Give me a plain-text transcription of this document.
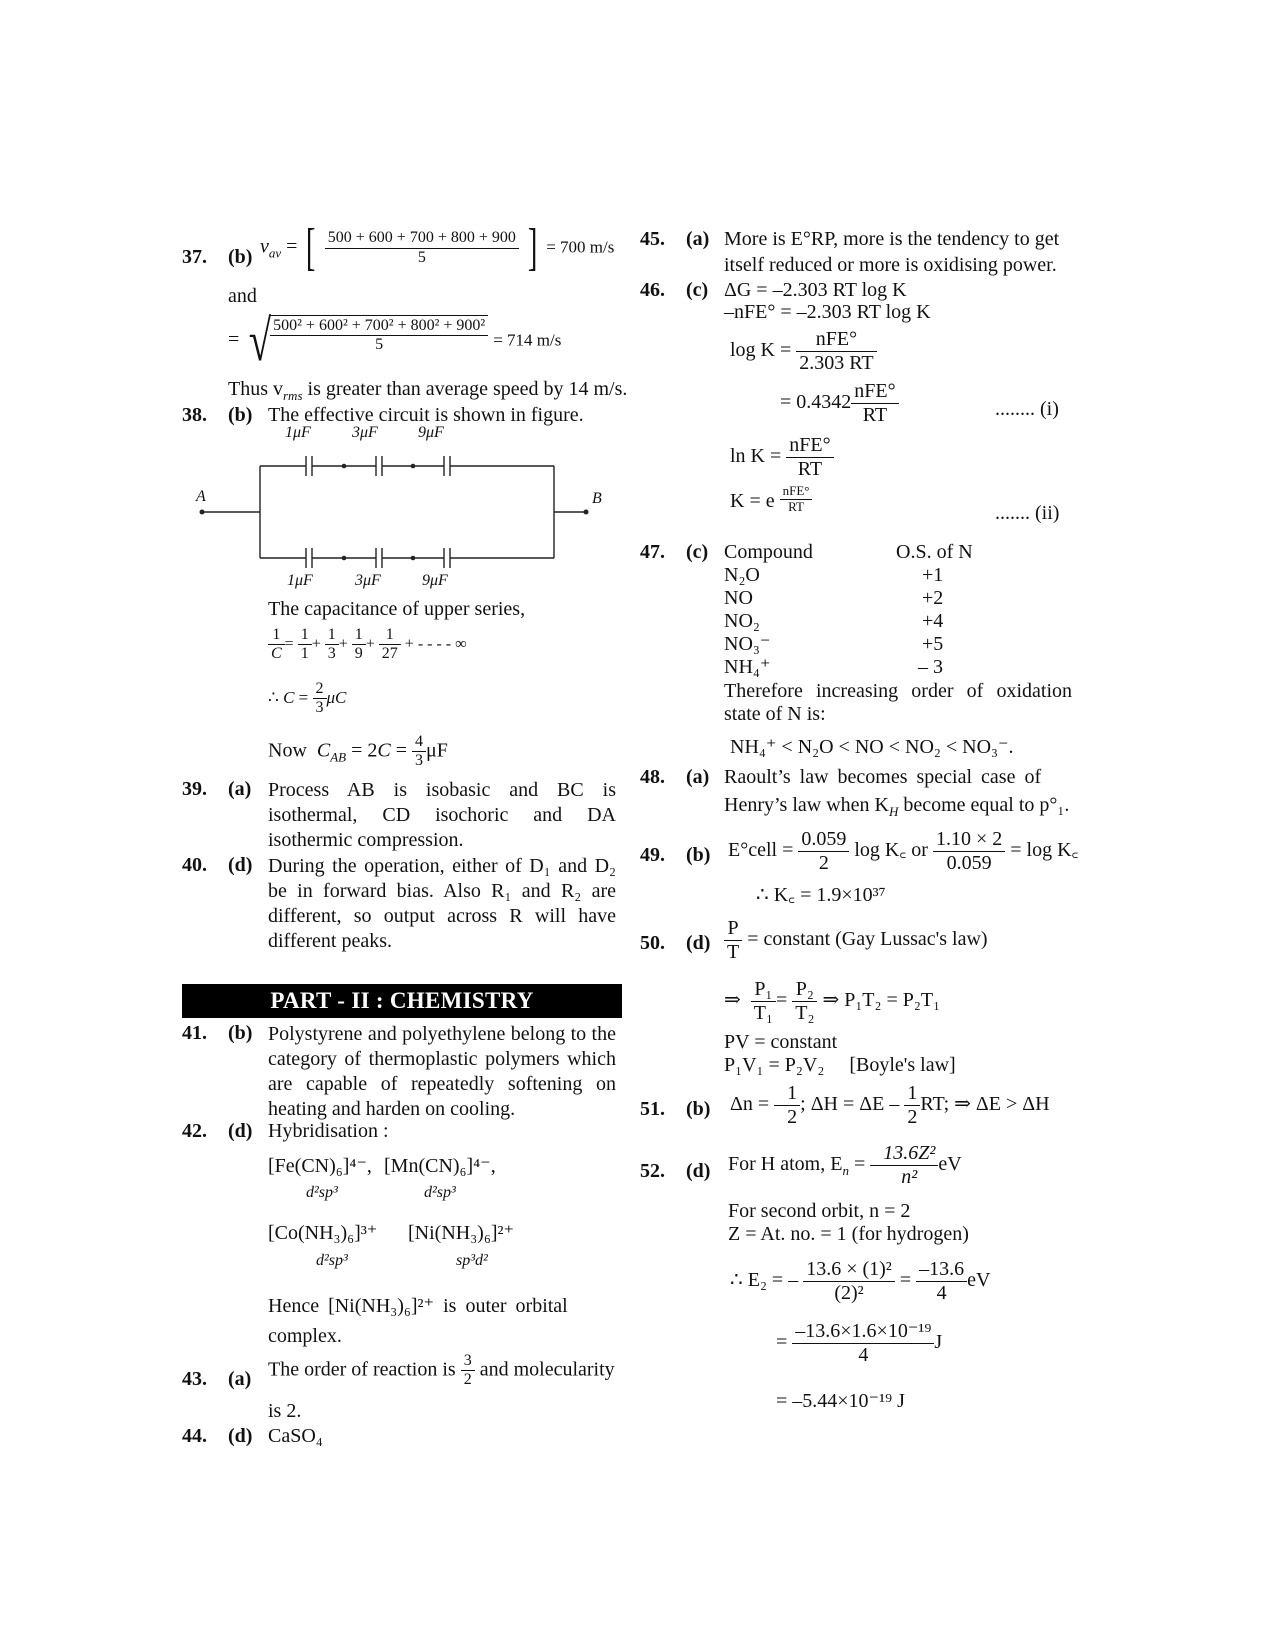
37. (b) $v_{av}$ = [ $\frac{500 + 600 + 700 + 800 + 900}{5}$ ] = 700 m/s
and
= √
$\frac{\text{500² + 600² + 700² + 800² + 900²}}{5} = 714$ m/s
Thus $v_{rms}$ is greater than average speed by 14 m/s.
38. (b) The effective circuit is shown in figure.
1μF	3μF	9μF
1μF	3μF	9μF
A	B
The capacitance of upper series,
$\frac{1}{C} = \frac{1}{1} + \frac{1}{3} + \frac{1}{9} + \frac{1}{27}$ + - - - - ∞
∴ $C = \frac{2}{3}$ μC
Now $C_{AB} = 2C = \frac{4}{3}$ μF
39. (a) Process AB is isobasic and BC is isothermal, CD isochoric and DA isothermic compression.
40. (d) During the operation, either of D₁ and D₂ be in forward bias. Also R₁ and R₂ are different, so output across R will have different peaks.
PART - II : CHEMISTRY
41. (b) Polystyrene and polyethylene belong to the category of thermoplastic polymers which are capable of repeatedly softening on heating and harden on cooling.
42. (d) Hybridisation :
[Fe(CN)₆]⁴⁻, [Mn(CN)₆]⁴⁻,
d²sp³	d²sp³
[Co(NH₃)₆]³⁺ [Ni(NH₃)₆]²⁺
d²sp³	sp³d²
Hence [Ni(NH₃)₆]²⁺ is outer orbital
complex.
43. (a) The order of reaction is $\frac{3}{2}$ and molecularity
is 2.
44. (d) CaSO₄
45. (a) More is E°RP, more is the tendency to get
itself reduced or more is oxidising power.
46. (c) ΔG = –2.303 RT log K
–nFE° = –2.303 RT log K
$\log K = \frac{\text{nFE°}}{2.303 RT}$
= $0.4342 \frac{\text{nFE°}}{RT}$	........ (i)
$\ln K = \frac{\text{nFE°}}{RT}$
K = e $\frac{\text{nFE°}}{RT}$	....... (ii)
47. (c) Compound	O.S. of N
N₂O	+1
NO	+2
NO₂	+4
NO₃⁻	+5
NH₄⁺	– 3
Therefore increasing order of oxidation state of N is:
NH₄⁺ < N₂O < NO < NO₂ < NO₃⁻.
48. (a) Raoult’s law becomes special case of
Henry’s law when $K_H$ become equal to p°₁.
49. (b) E°cell = $\frac{0.059}{2}$ log K꜀ or $\frac{1.10 \times 2}{0.059} = \log$ K꜀
∴ K꜀ = 1.9×10³⁷
50. $(d) \frac{P}{T}$ = constant (Gay Lussac's law)
⇒ $\frac{\text{P₁}}{\text{T₁}} = \frac{\text{P₂}}{\text{T₂}}$ ⇒ P₁T₂ = P₂T₁
PV = constant
P₁V₁ = P₂V₂ [Boyle's law]
51. (b) Δn = – $\frac{1}{2}$ ; $\Delta H = \Delta E - \frac{1}{2}$ RT; ⇒ ΔE > ΔH
52. (d) For H atom, $E_n$ = – $\frac{\text{13.6Z²}}{\text{n²}}$ eV
For second orbit, n = 2
Z = At. no. = 1 (for hydrogen)
∴ E₂ = – $\frac{\text{13.6 × (1)²}}{\text{(2)²}} = \frac{-13.6}{4}$ eV
= $\frac{\text{–13.6×1.6×10⁻¹⁹}}{4}$ J
= –5.44×10⁻¹⁹ J
